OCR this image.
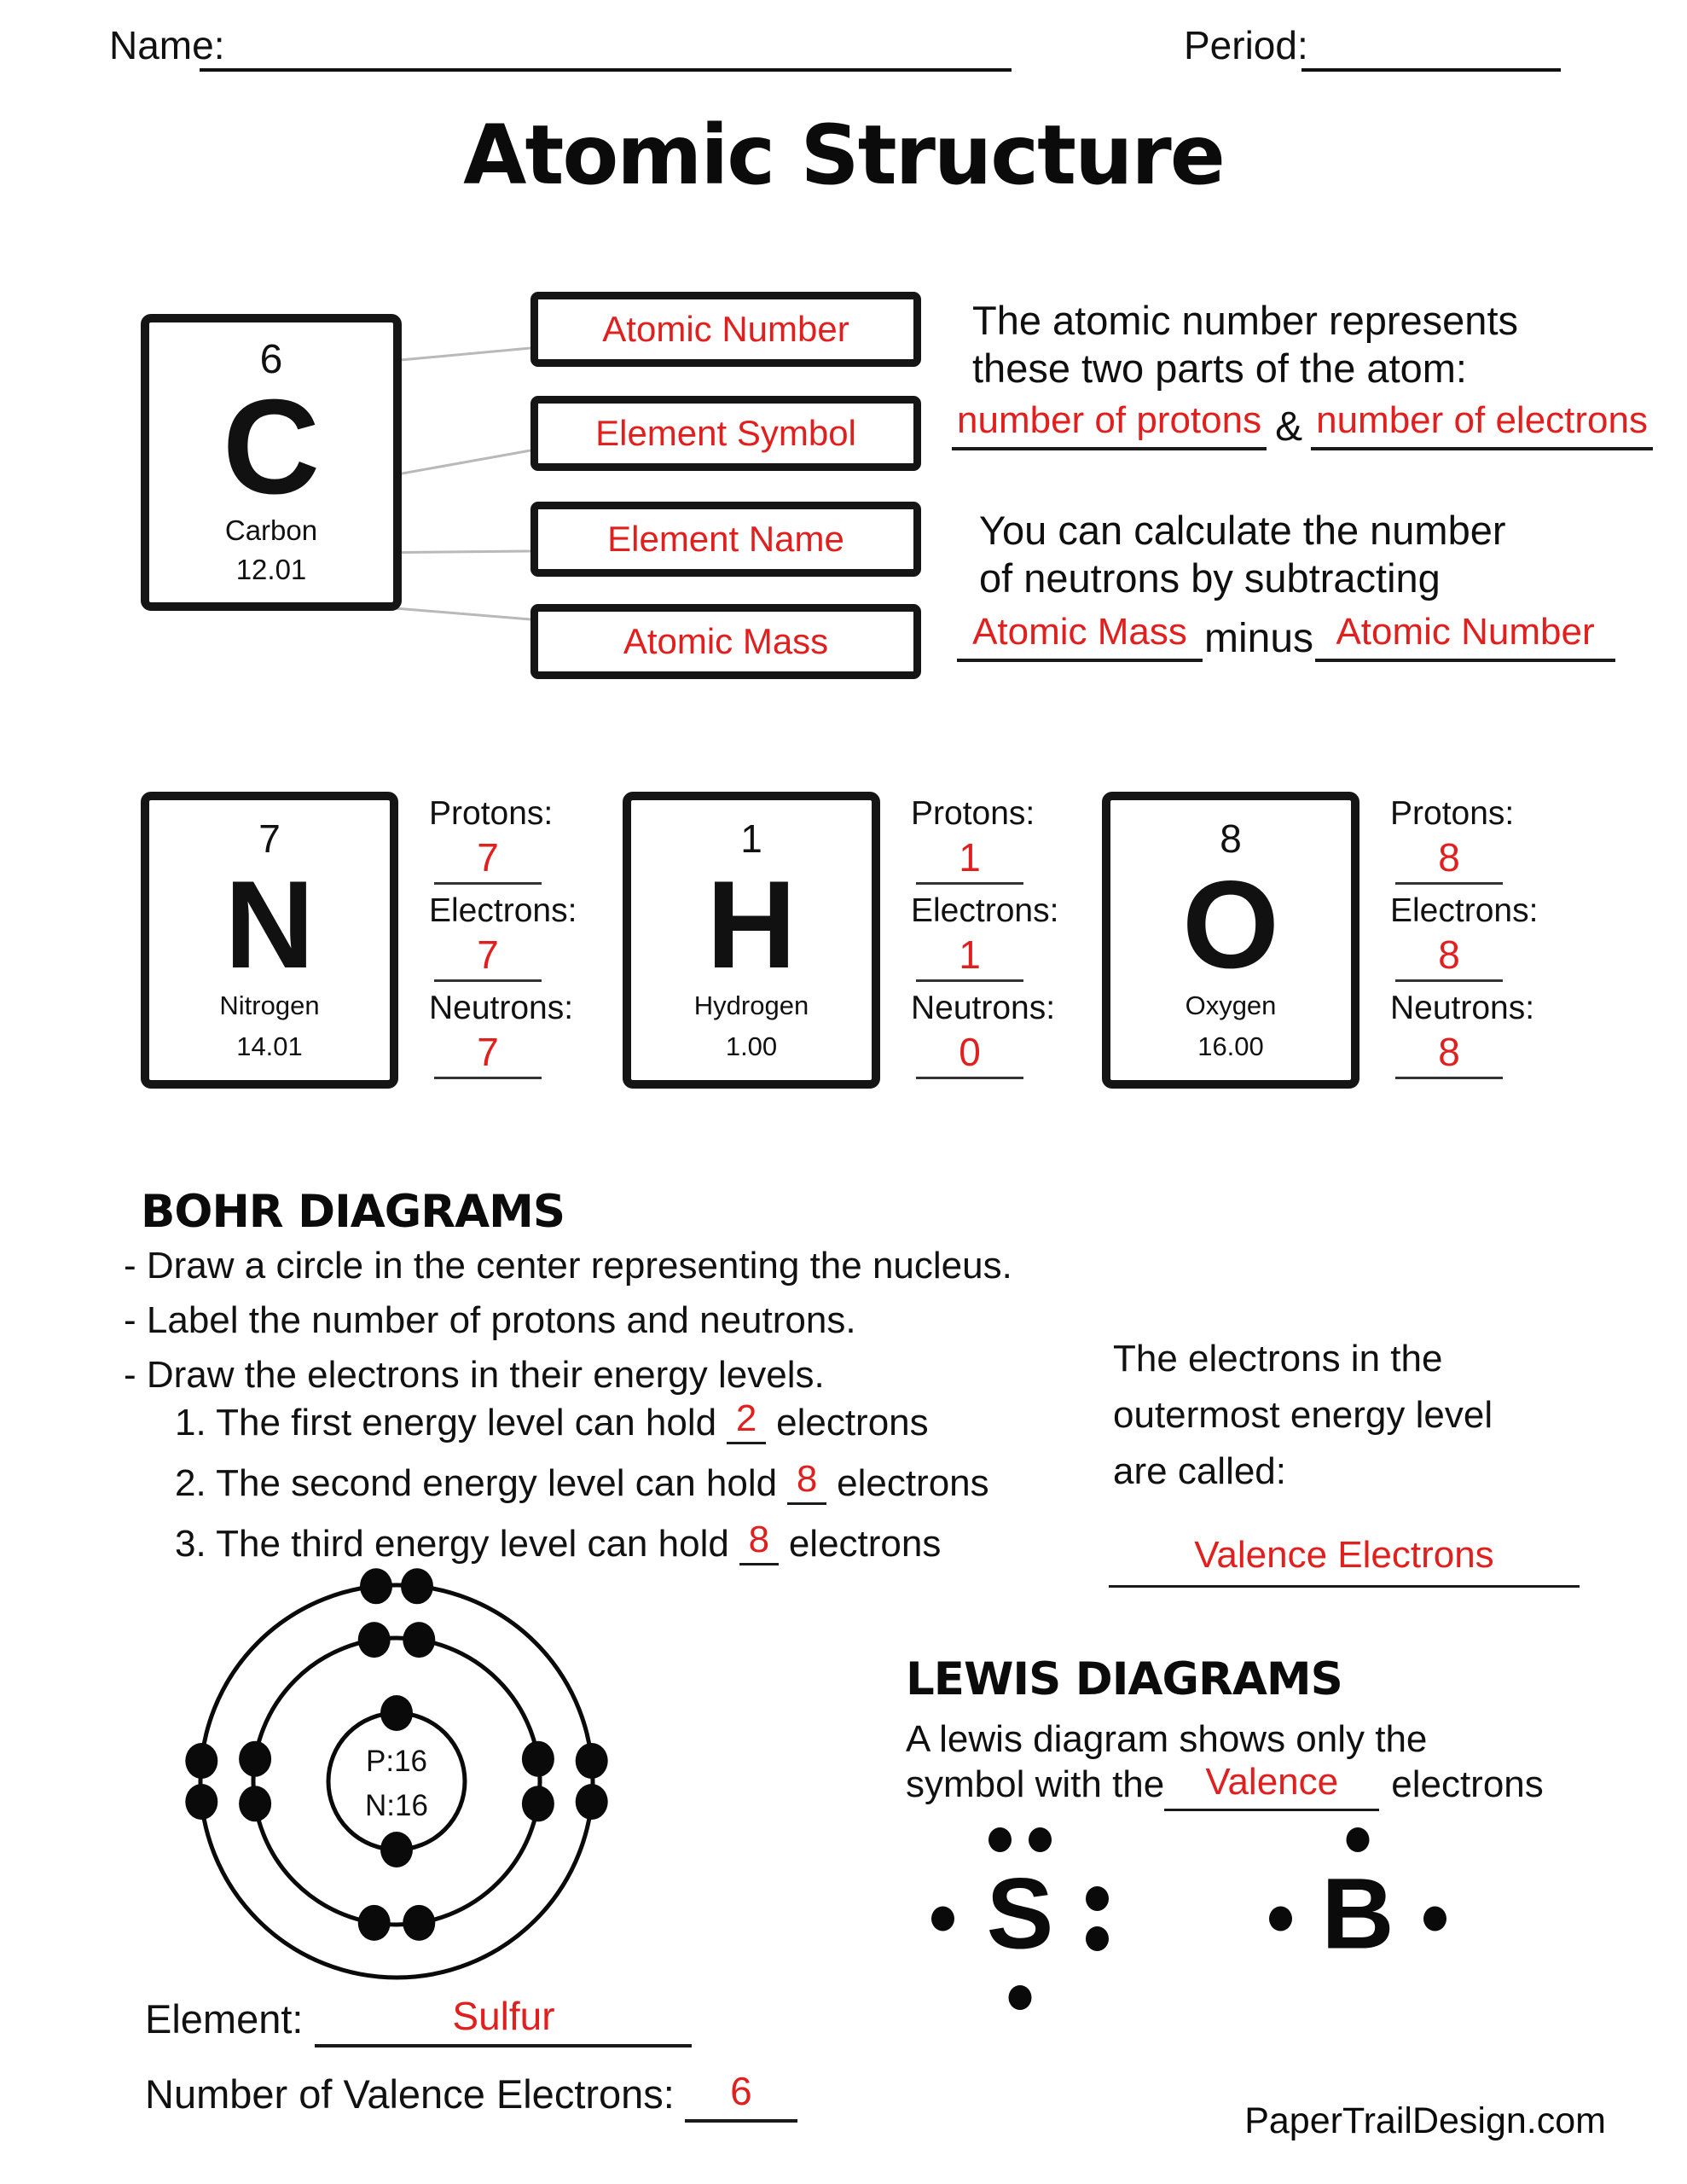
Name:	Period:
Atomic Structure
6
C
Carbon
12.01
Atomic Number
Element Symbol
Element Name
Atomic Mass
The atomic number represents
these two parts of the atom:
number of protons & number of electrons
You can calculate the number
of neutrons by subtracting
Atomic Mass minus Atomic Number
7
N
Nitrogen
14.01
Protons:
7
Electrons:
7
Neutrons:
7
1
H
Hydrogen
1.00
Protons:
1
Electrons:
1
Neutrons:
0
8
O
Oxygen
16.00
Protons:
8
Electrons:
8
Neutrons:
8
BOHR DIAGRAMS
- Draw a circle in the center representing the nucleus.
- Label the number of protons and neutrons.
- Draw the electrons in their energy levels.
1. The first energy level can hold 2 electrons
2. The second energy level can hold 8 electrons
3. The third energy level can hold 8 electrons
The electrons in the
outermost energy level
are called:
Valence Electrons
P:16
N:16
LEWIS DIAGRAMS
A lewis diagram shows only the
symbol with the	Valence	electrons
S	B
Element:	Sulfur
Number of Valence Electrons:	6
PaperTrailDesign.com
